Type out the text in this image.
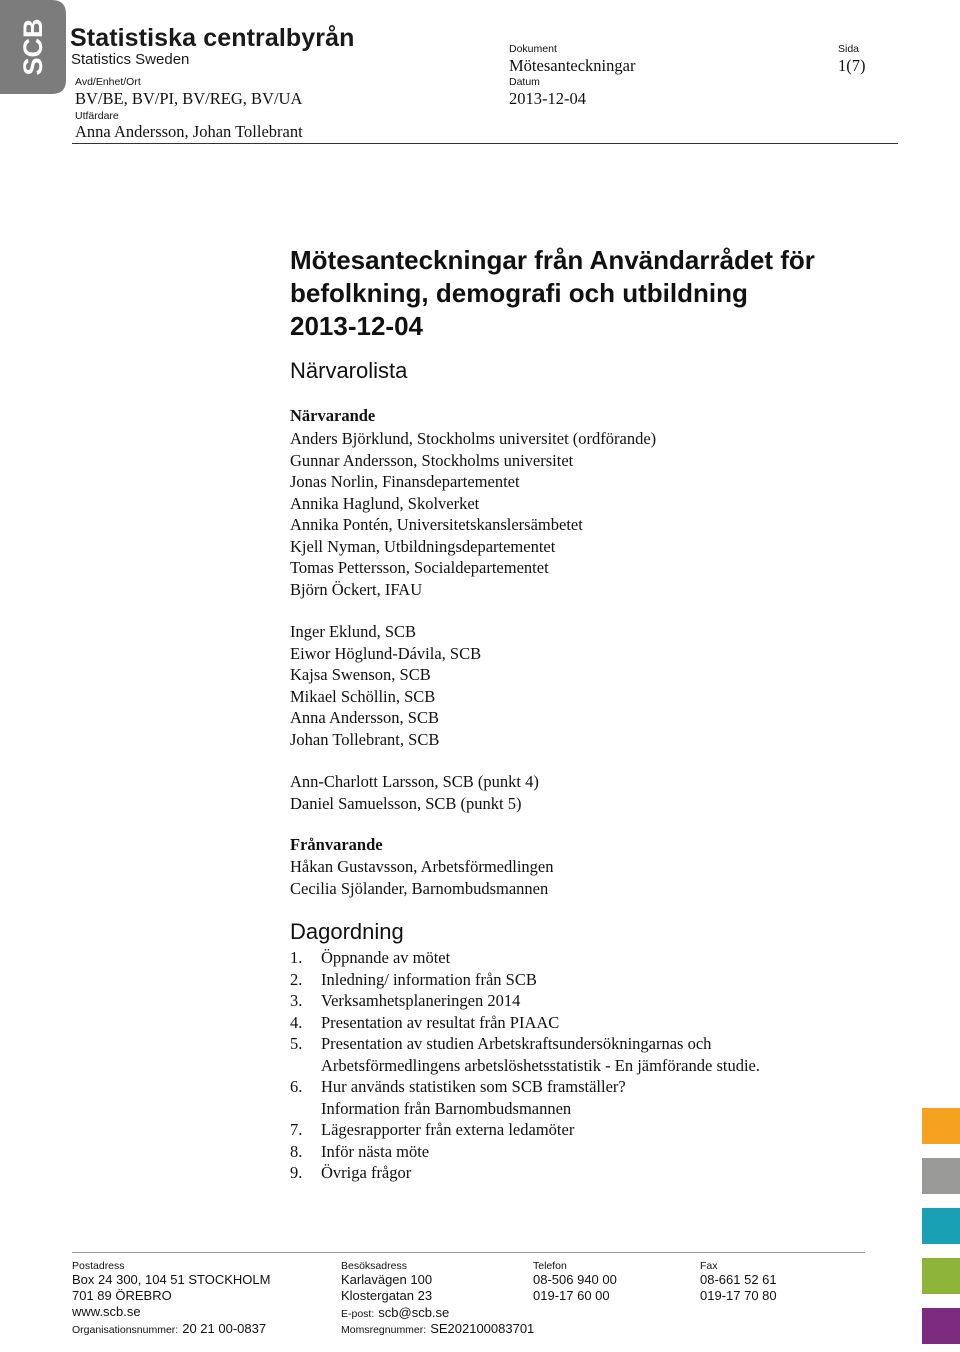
SCB Statistiska centralbyrån
Statistics Sweden
Avd/Enhet/Ort
BV/BE, BV/PI, BV/REG, BV/UA
Utfärdare
Anna Andersson, Johan Tollebrant
Dokument
Mötesanteckningar
Datum
2013-12-04
Sida
1(7)
Mötesanteckningar från Användarrådet för
befolkning, demografi och utbildning
2013-12-04
Närvarolista
Närvarande
Anders Björklund, Stockholms universitet (ordförande)
Gunnar Andersson, Stockholms universitet
Jonas Norlin, Finansdepartementet
Annika Haglund, Skolverket
Annika Pontén, Universitetskanslersämbetet
Kjell Nyman, Utbildningsdepartementet
Tomas Pettersson, Socialdepartementet
Björn Öckert, IFAU
Inger Eklund, SCB
Eiwor Höglund-Dávila, SCB
Kajsa Swenson, SCB
Mikael Schöllin, SCB
Anna Andersson, SCB
Johan Tollebrant, SCB
Ann-Charlott Larsson, SCB (punkt 4)
Daniel Samuelsson, SCB (punkt 5)
Frånvarande
Håkan Gustavsson, Arbetsförmedlingen
Cecilia Sjölander, Barnombudsmannen
Dagordning
1. Öppnande av mötet
2. Inledning/ information från SCB
3. Verksamhetsplaneringen 2014
4. Presentation av resultat från PIAAC
5. Presentation av studien Arbetskraftsundersökningarnas och
Arbetsförmedlingens arbetslöshetsstatistik - En jämförande studie.
6. Hur används statistiken som SCB framställer?
Information från Barnombudsmannen
7. Lägesrapporter från externa ledamöter
8. Inför nästa möte
9. Övriga frågor
Postadress
Box 24 300, 104 51 STOCKHOLM
701 89 ÖREBRO
www.scb.se
Organisationsnummer: 20 21 00-0837
Besöksadress
Karlavägen 100
Klostergatan 23
E-post: scb@scb.se
Momsregnummer: SE202100083701
Telefon
08-506 940 00
019-17 60 00
Fax
08-661 52 61
019-17 70 80
